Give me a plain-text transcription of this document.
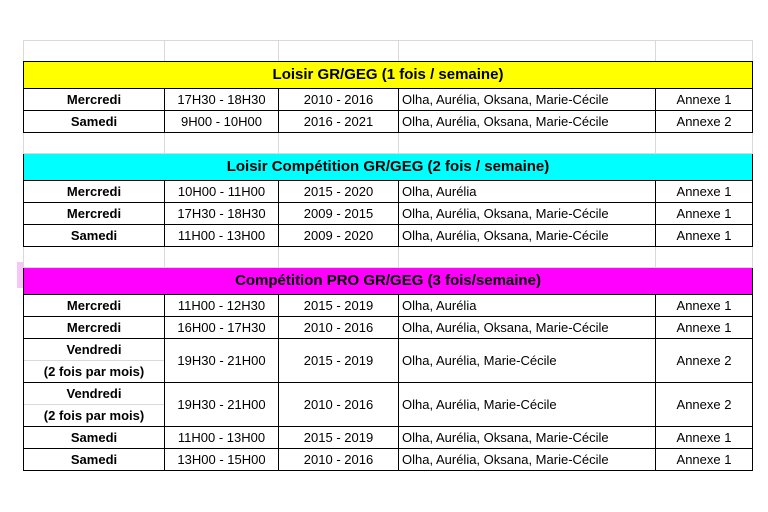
Loisir GR/GEG (1 fois / semaine)				
Mercredi	17H30 - 18H30	2010 - 2016	Olha, Aurélia, Oksana, Marie-Cécile	Annexe 1
Samedi	9H00 - 10H00	2016 - 2021	Olha, Aurélia, Oksana, Marie-Cécile	Annexe 2

Loisir Compétition GR/GEG (2 fois / semaine)				
Mercredi	10H00 - 11H00	2015 - 2020	Olha, Aurélia	Annexe 1
Mercredi	17H30 - 18H30	2009 - 2015	Olha, Aurélia, Oksana, Marie-Cécile	Annexe 1
Samedi	11H00 - 13H00	2009 - 2020	Olha, Aurélia, Oksana, Marie-Cécile	Annexe 1

Compétition PRO GR/GEG (3 fois/semaine)				
Mercredi	11H00 - 12H30	2015 - 2019	Olha, Aurélia	Annexe 1
Mercredi	16H00 - 17H30	2010 - 2016	Olha, Aurélia, Oksana, Marie-Cécile	Annexe 1

Vendredi
(2 fois par mois)	19H30 - 21H00	2015 - 2019	Olha, Aurélia, Marie-Cécile	Annexe 2

Vendredi
(2 fois par mois)	19H30 - 21H00	2010 - 2016	Olha, Aurélia, Marie-Cécile	Annexe 2
Samedi	11H00 - 13H00	2015 - 2019	Olha, Aurélia, Oksana, Marie-Cécile	Annexe 1
Samedi	13H00 - 15H00	2010 - 2016	Olha, Aurélia, Oksana, Marie-Cécile	Annexe 1
